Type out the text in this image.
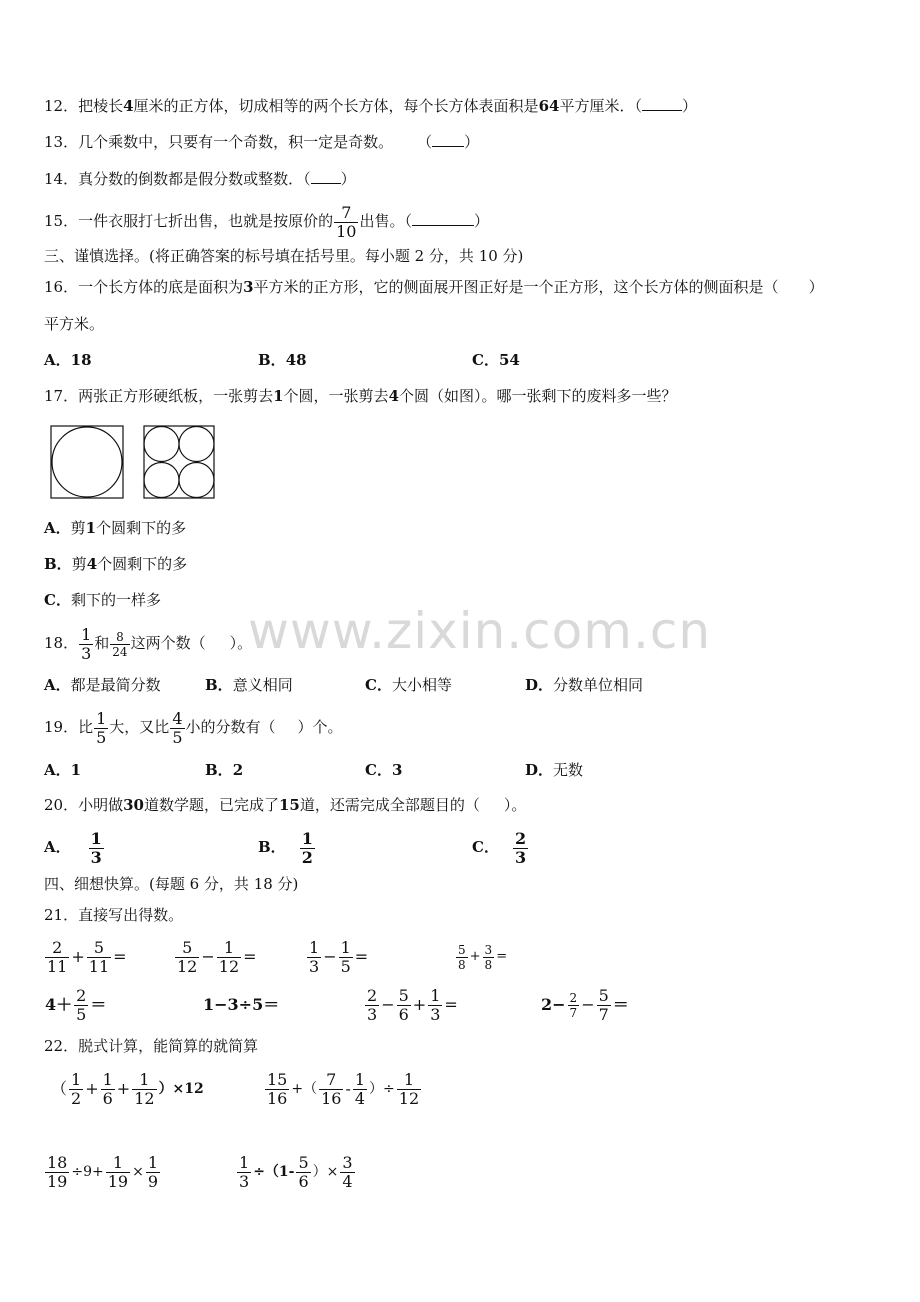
www.zixin.com.cn
12．把棱长4厘米的正方体，切成相等的两个长方体，每个长方体表面积是64平方厘米．（	）
13．几个乘数中，只要有一个奇数，积一定是奇数。 （ ）
14．真分数的倒数都是假分数或整数．（ ）
15．一件衣服打七折出售，也就是按原价的 $\frac{7}{10}$ 出售。（	）
三、谨慎选择。(将正确答案的标号填在括号里。每小题 2 分，共 10 分)
16．一个长方体的底是面积为3平方米的正方形，它的侧面展开图正好是一个正方形，这个长方体的侧面积是（ ）
平方米。
A．18	B．48	C．54
17．两张正方形硬纸板，一张剪去1个圆，一张剪去4个圆（如图）。哪一张剩下的废料多一些？
A．剪1个圆剩下的多
B．剪4个圆剩下的多
C．剩下的一样多
18． $\frac{1}{3}$ 和 $\frac{8}{24}$ 这两个数（ ）。
A．都是最简分数	B．意义相同	C．大小相等	D．分数单位相同
19．比 $\frac{1}{5}$ 大，又比 $\frac{4}{5}$ 小的分数有（ ）个。
A．1	B．2	C．3	D．无数
20．小明做30道数学题，已完成了15道，还需完成全部题目的（ ）。
A． $\frac{1}{3}$	B． $\frac{1}{2}$	C． $\frac{2}{3}$
四、细想快算。(每题 6 分，共 18 分)
21．直接写出得数。
$\frac{2}{11} + \frac{5}{11}$ =	$\frac{5}{12} - \frac{1}{12}$ =	$\frac{1}{3} - \frac{1}{5}$ =	$\frac{5}{8} + \frac{3}{8}$ =
$4+ \frac{2}{5}$ ＝	1−3÷5＝	$\frac{2}{3} - \frac{5}{6} + \frac{1}{3}$ =	$2- \frac{2}{7} - \frac{5}{7}$ ＝
22．脱式计算，能简算的就简算
（ $\frac{1}{2} + \frac{1}{6} + \frac{1}{12} )\times 12$	$\frac{15}{16}$ +（ $\frac{7}{16} - \frac{1}{4}$ ）÷ $\frac{1}{12}$
$\frac{18}{19} \div 9+ \frac{1}{19} \times \frac{1}{9}$	$\frac{1}{3} \div(1- \frac{5}{6}$ ）× $\frac{3}{4}$
